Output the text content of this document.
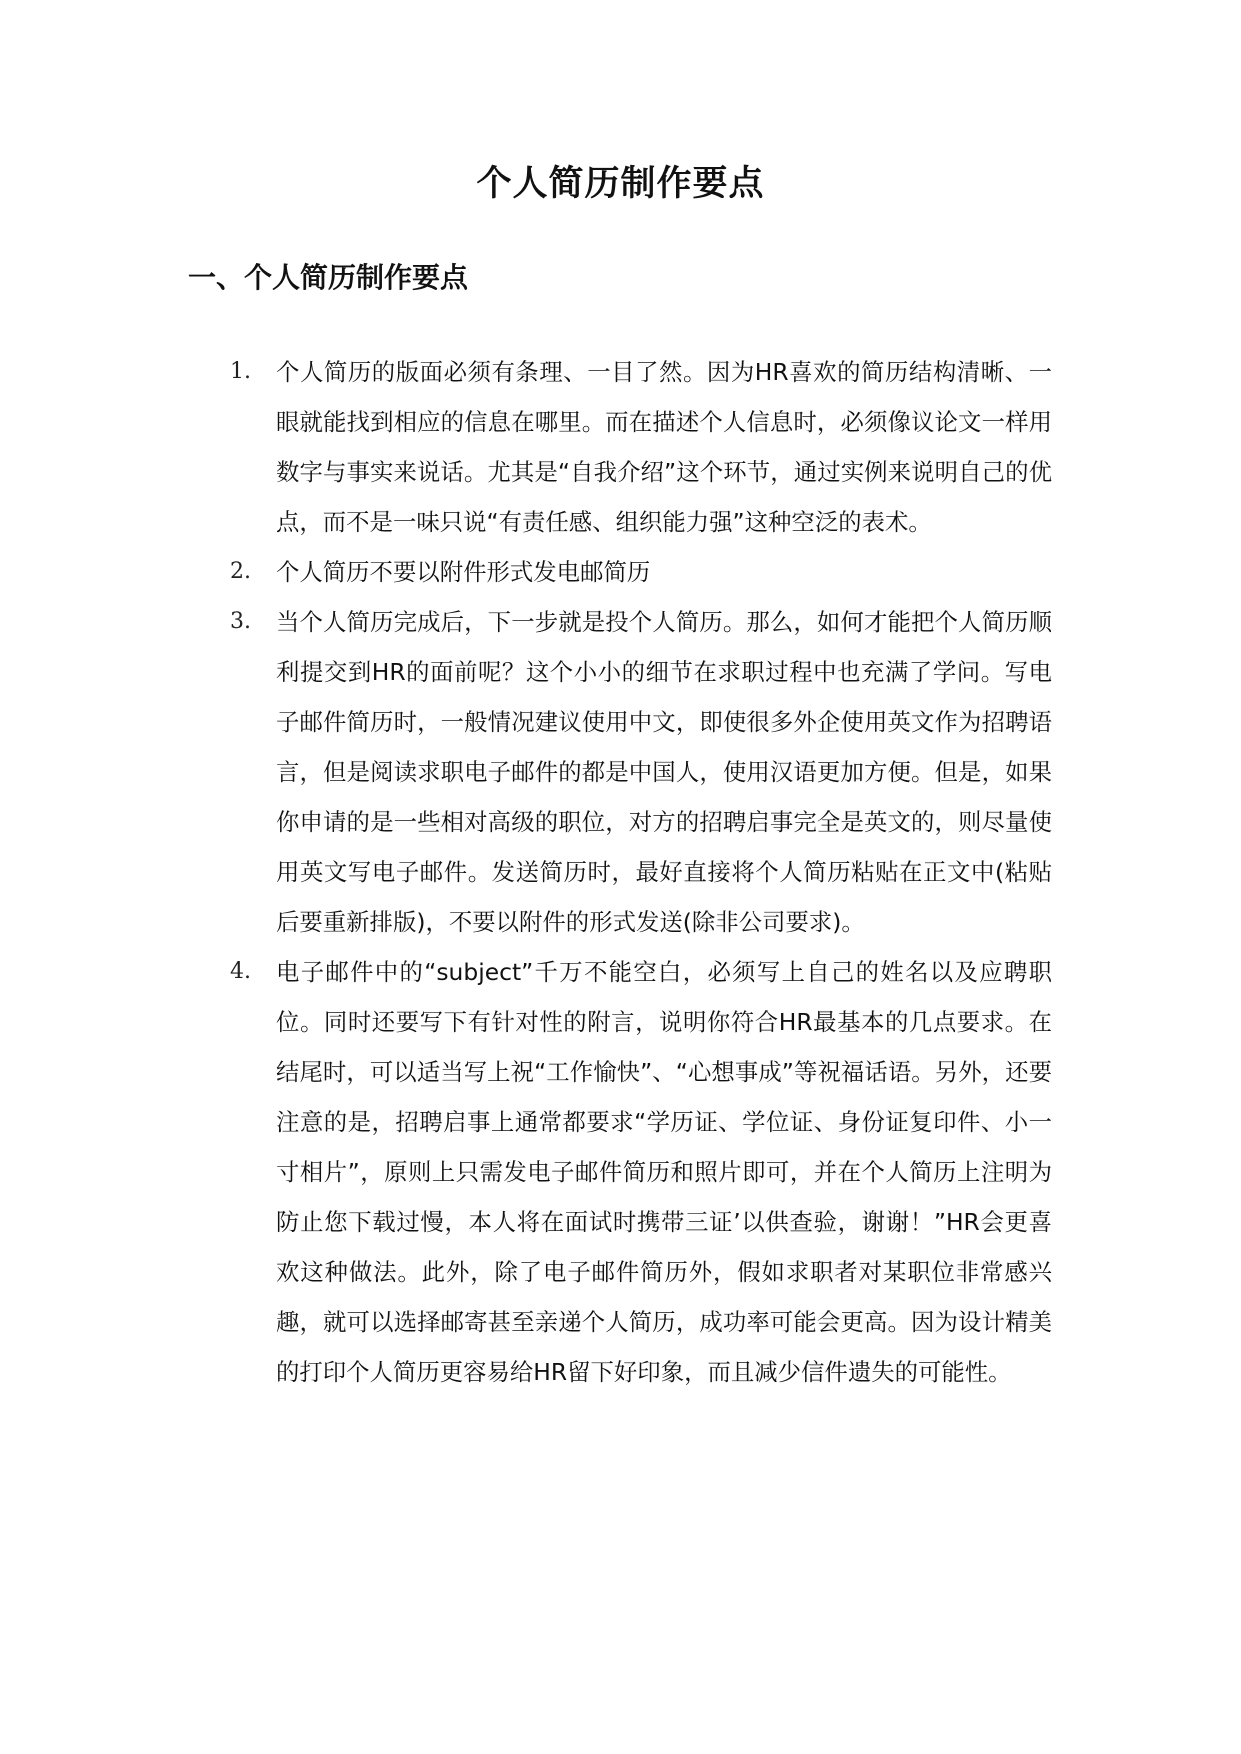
个人简历制作要点
一、个人简历制作要点
1.	个人简历的版面必须有条理、一目了然。因为HR喜欢的简历结构清晰、一眼就能找到相应的信息在哪里。而在描述个人信息时，必须像议论文一样用数字与事实来说话。尤其是“自我介绍”这个环节，通过实例来说明自己的优点，而不是一味只说“有责任感、组织能力强”这种空泛的表术。
2.	个人简历不要以附件形式发电邮简历
3.	当个人简历完成后，下一步就是投个人简历。那么，如何才能把个人简历顺利提交到HR的面前呢？这个小小的细节在求职过程中也充满了学问。写电子邮件简历时，一般情况建议使用中文，即使很多外企使用英文作为招聘语言，但是阅读求职电子邮件的都是中国人，使用汉语更加方便。但是，如果你申请的是一些相对高级的职位，对方的招聘启事完全是英文的，则尽量使用英文写电子邮件。发送简历时，最好直接将个人简历粘贴在正文中(粘贴后要重新排版)，不要以附件的形式发送(除非公司要求)。
4.	电子邮件中的“subject”千万不能空白，必须写上自己的姓名以及应聘职位。同时还要写下有针对性的附言，说明你符合HR最基本的几点要求。在结尾时，可以适当写上祝“工作愉快”、“心想事成”等祝福话语。另外，还要注意的是，招聘启事上通常都要求“学历证、学位证、身份证复印件、小一寸相片”，原则上只需发电子邮件简历和照片即可，并在个人简历上注明为防止您下载过慢，本人将在面试时携带三证’以供查验，谢谢！”HR会更喜欢这种做法。此外，除了电子邮件简历外，假如求职者对某职位非常感兴趣，就可以选择邮寄甚至亲递个人简历，成功率可能会更高。因为设计精美的打印个人简历更容易给HR留下好印象，而且减少信件遗失的可能性。
